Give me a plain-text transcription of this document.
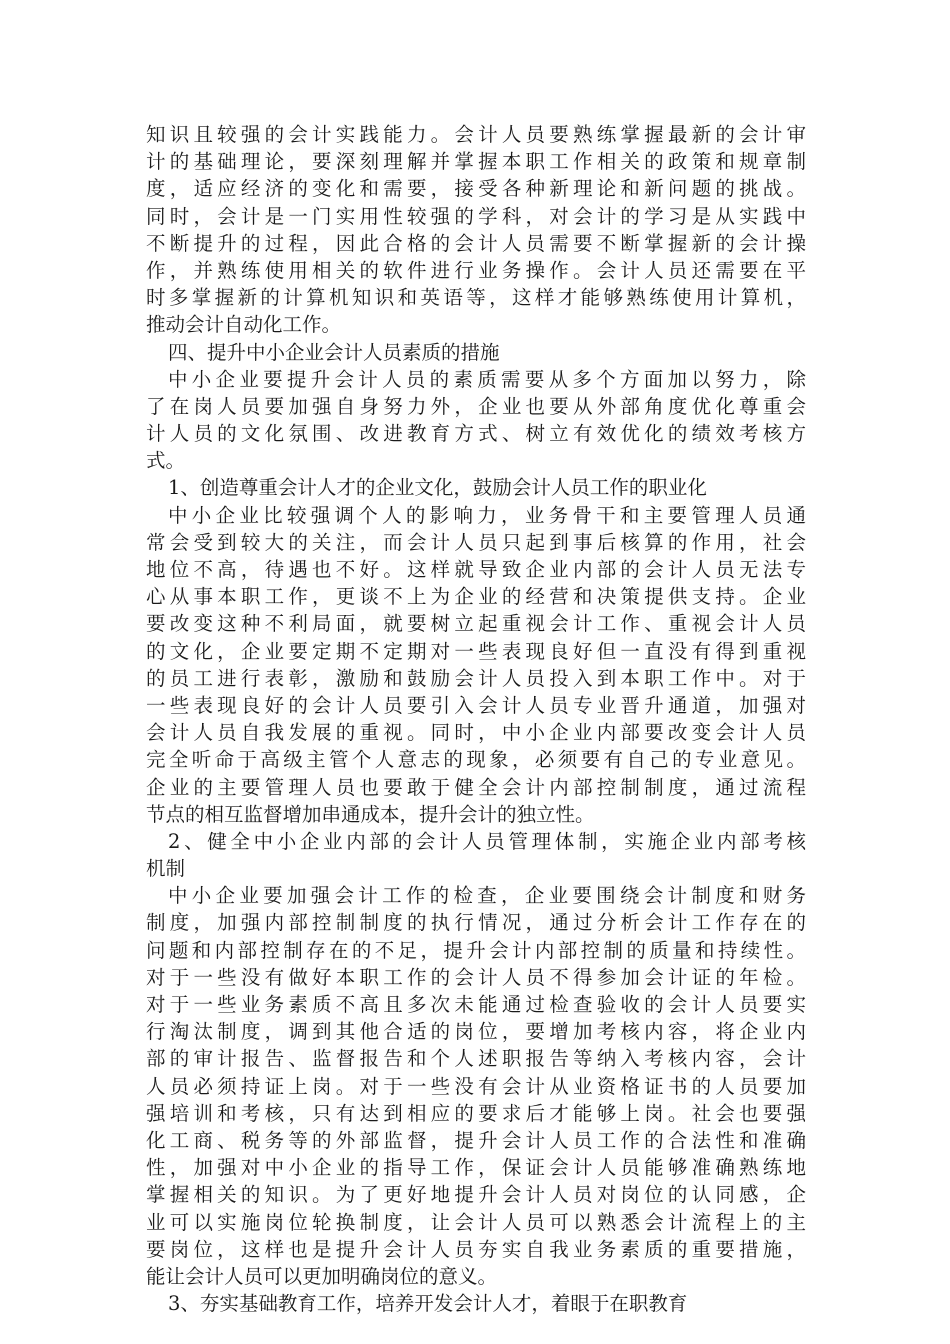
知识且较强的会计实践能力。会计人员要熟练掌握最新的会计审
计的基础理论，要深刻理解并掌握本职工作相关的政策和规章制
度，适应经济的变化和需要，接受各种新理论和新问题的挑战。
同时，会计是一门实用性较强的学科，对会计的学习是从实践中
不断提升的过程，因此合格的会计人员需要不断掌握新的会计操
作，并熟练使用相关的软件进行业务操作。会计人员还需要在平
时多掌握新的计算机知识和英语等，这样才能够熟练使用计算机，
推动会计自动化工作。
四、提升中小企业会计人员素质的措施
中小企业要提升会计人员的素质需要从多个方面加以努力，除
了在岗人员要加强自身努力外，企业也要从外部角度优化尊重会
计人员的文化氛围、改进教育方式、树立有效优化的绩效考核方
式。
1、创造尊重会计人才的企业文化，鼓励会计人员工作的职业化
中小企业比较强调个人的影响力，业务骨干和主要管理人员通
常会受到较大的关注，而会计人员只起到事后核算的作用，社会
地位不高，待遇也不好。这样就导致企业内部的会计人员无法专
心从事本职工作，更谈不上为企业的经营和决策提供支持。企业
要改变这种不利局面，就要树立起重视会计工作、重视会计人员
的文化，企业要定期不定期对一些表现良好但一直没有得到重视
的员工进行表彰，激励和鼓励会计人员投入到本职工作中。对于
一些表现良好的会计人员要引入会计人员专业晋升通道，加强对
会计人员自我发展的重视。同时，中小企业内部要改变会计人员
完全听命于高级主管个人意志的现象，必须要有自己的专业意见。
企业的主要管理人员也要敢于健全会计内部控制制度，通过流程
节点的相互监督增加串通成本，提升会计的独立性。
2、健全中小企业内部的会计人员管理体制，实施企业内部考核
机制
中小企业要加强会计工作的检查，企业要围绕会计制度和财务
制度，加强内部控制制度的执行情况，通过分析会计工作存在的
问题和内部控制存在的不足，提升会计内部控制的质量和持续性。
对于一些没有做好本职工作的会计人员不得参加会计证的年检。
对于一些业务素质不高且多次未能通过检查验收的会计人员要实
行淘汰制度，调到其他合适的岗位，要增加考核内容，将企业内
部的审计报告、监督报告和个人述职报告等纳入考核内容，会计
人员必须持证上岗。对于一些没有会计从业资格证书的人员要加
强培训和考核，只有达到相应的要求后才能够上岗。社会也要强
化工商、税务等的外部监督，提升会计人员工作的合法性和准确
性，加强对中小企业的指导工作，保证会计人员能够准确熟练地
掌握相关的知识。为了更好地提升会计人员对岗位的认同感，企
业可以实施岗位轮换制度，让会计人员可以熟悉会计流程上的主
要岗位，这样也是提升会计人员夯实自我业务素质的重要措施，
能让会计人员可以更加明确岗位的意义。
3、夯实基础教育工作，培养开发会计人才，着眼于在职教育
